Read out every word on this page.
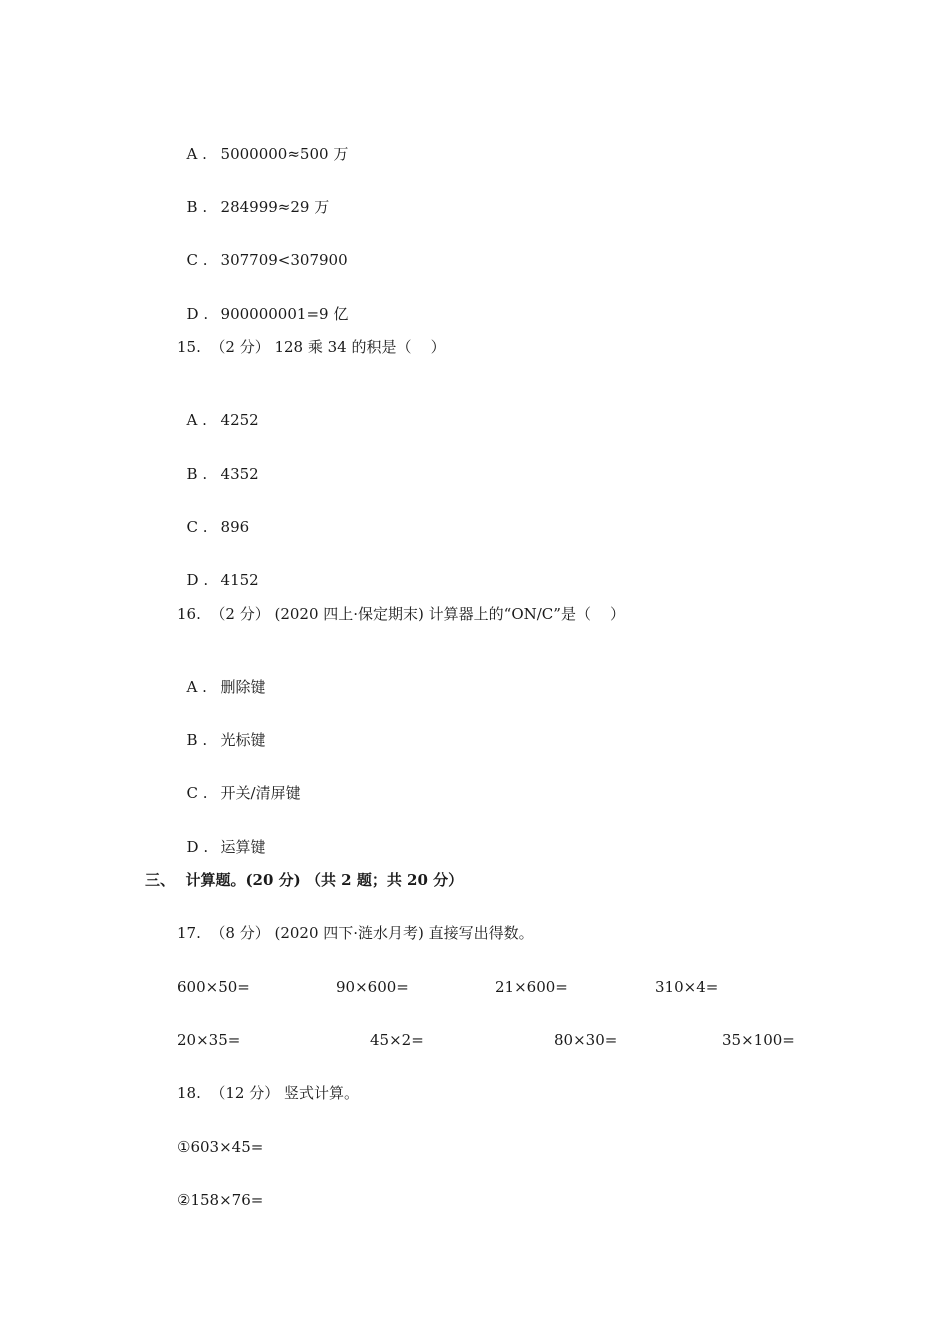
A . 5000000≈500 万

B . 284999≈29 万

C . 307709<307900

D . 900000001=9 亿

15.  （2 分） 128 乘 34 的积是（    ）

A . 4252

B . 4352

C . 896

D . 4152

16.  （2 分） (2020 四上·保定期末) 计算器上的“ON/C”是（    ）

A . 删除键

B . 光标键

C . 开关/清屏键

D . 运算键

三、  计算题。(20 分) （共 2 题；共 20 分）
17.  （8 分） (2020 四下·涟水月考) 直接写出得数。
600×50=	90×600=	21×600=	310×4=
20×35=	45×2=	80×30=	35×100=
18.  （12 分） 竖式计算。
①603×45=
②158×76=
